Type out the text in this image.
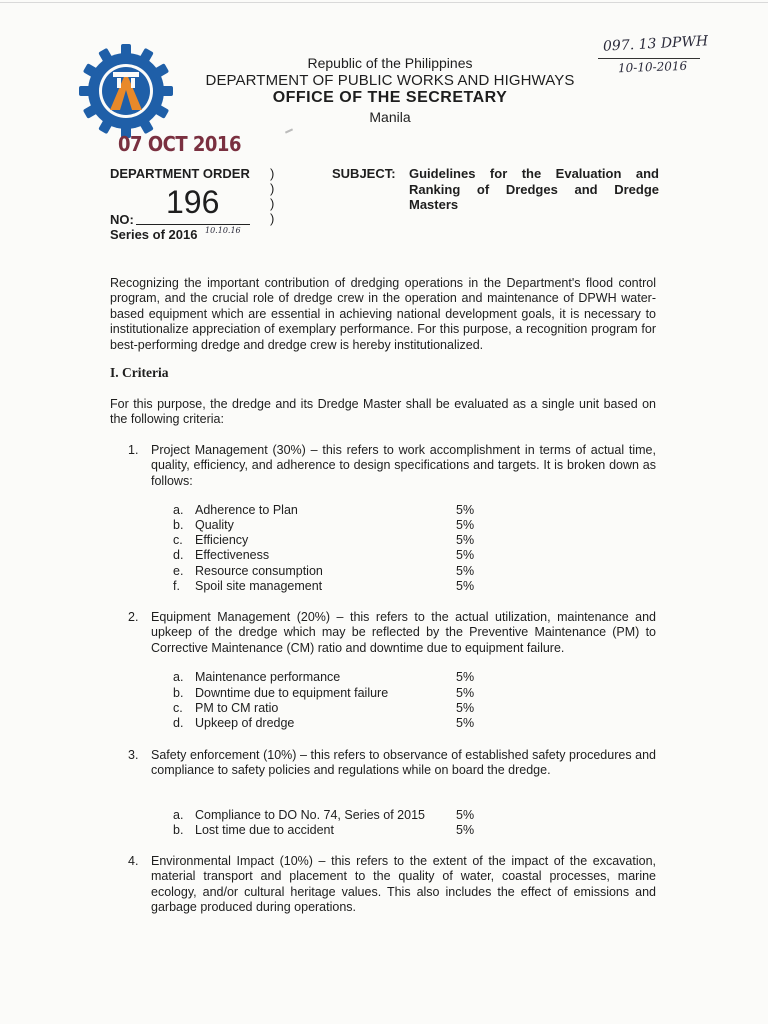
Republic of the Philippines
DEPARTMENT OF PUBLIC WORKS AND HIGHWAYS
OFFICE OF THE SECRETARY
Manila
097. 13 DPWH
10-10-2016
07 OCT 2016
DEPARTMENT ORDER )
)
)
)
196
NO:
Series of 2016 10.10.16
SUBJECT: Guidelines for the Evaluation and Ranking of Dredges and Dredge Masters
Recognizing the important contribution of dredging operations in the Department's flood control program, and the crucial role of dredge crew in the operation and maintenance of DPWH water-based equipment which are essential in achieving national development goals, it is necessary to institutionalize appreciation of exemplary performance. For this purpose, a recognition program for best-performing dredge and dredge crew is hereby institutionalized.
I. Criteria
For this purpose, the dredge and its Dredge Master shall be evaluated as a single unit based on the following criteria:
1. Project Management (30%) – this refers to work accomplishment in terms of actual time, quality, efficiency, and adherence to design specifications and targets. It is broken down as follows:
a. Adherence to Plan	5%
b. Quality	5%
c. Efficiency	5%
d. Effectiveness	5%
e. Resource consumption	5%
f. Spoil site management	5%
2. Equipment Management (20%) – this refers to the actual utilization, maintenance and upkeep of the dredge which may be reflected by the Preventive Maintenance (PM) to Corrective Maintenance (CM) ratio and downtime due to equipment failure.
a. Maintenance performance	5%
b. Downtime due to equipment failure	5%
c. PM to CM ratio	5%
d. Upkeep of dredge	5%
3. Safety enforcement (10%) – this refers to observance of established safety procedures and compliance to safety policies and regulations while on board the dredge.
a. Compliance to DO No. 74, Series of 2015 5%
b. Lost time due to accident	5%
4. Environmental Impact (10%) – this refers to the extent of the impact of the excavation, material transport and placement to the quality of water, coastal processes, marine ecology, and/or cultural heritage values. This also includes the effect of emissions and garbage produced during operations.
